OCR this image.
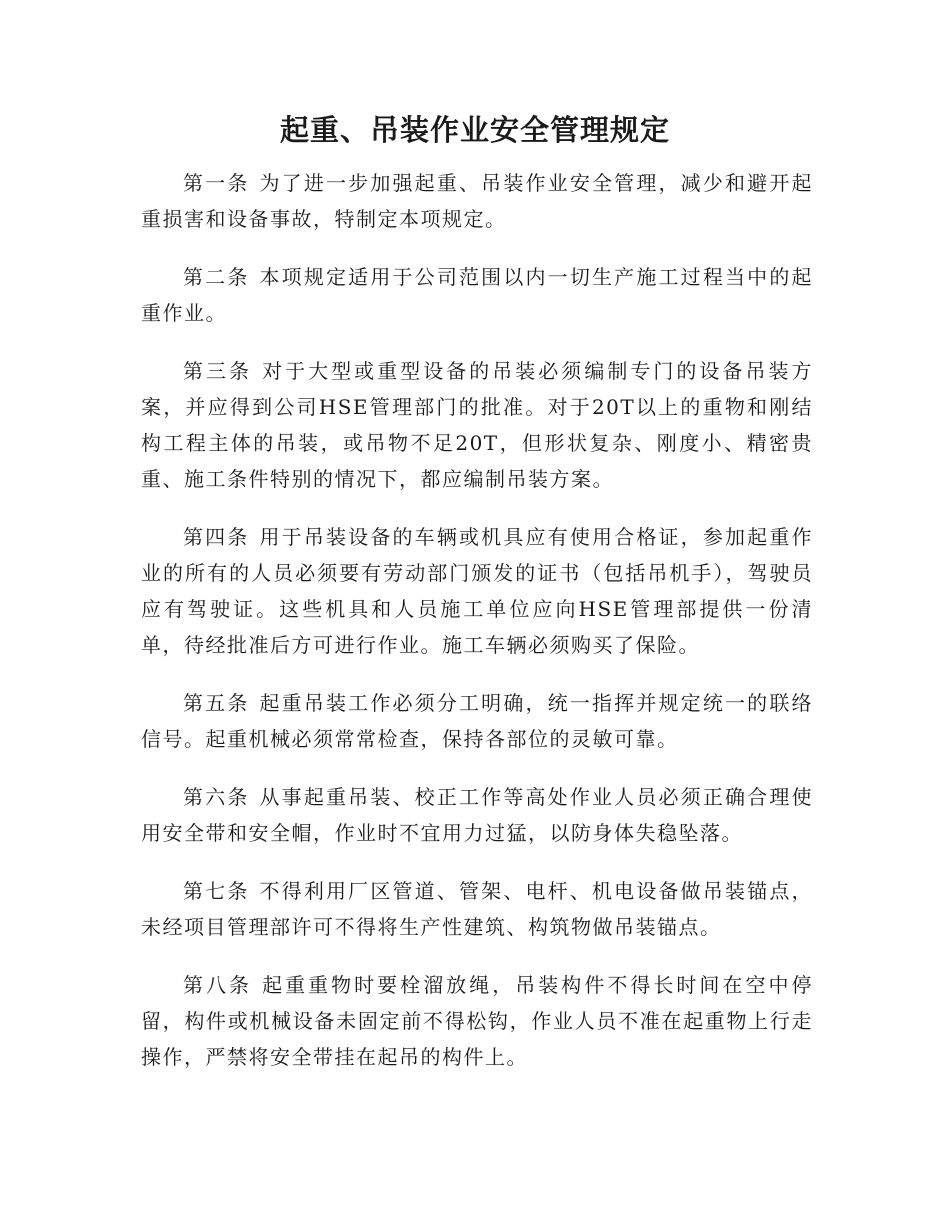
起重、吊装作业安全管理规定

第一条 为了进一步加强起重、吊装作业安全管理，减少和避开起重损害和设备事故，特制定本项规定。

第二条 本项规定适用于公司范围以内一切生产施工过程当中的起重作业。

第三条 对于大型或重型设备的吊装必须编制专门的设备吊装方案，并应得到公司HSE管理部门的批准。对于20T以上的重物和刚结构工程主体的吊装，或吊物不足20T，但形状复杂、刚度小、精密贵重、施工条件特别的情况下，都应编制吊装方案。

第四条 用于吊装设备的车辆或机具应有使用合格证，参加起重作业的所有的人员必须要有劳动部门颁发的证书（包括吊机手），驾驶员应有驾驶证。这些机具和人员施工单位应向HSE管理部提供一份清单，待经批准后方可进行作业。施工车辆必须购买了保险。

第五条 起重吊装工作必须分工明确，统一指挥并规定统一的联络信号。起重机械必须常常检查，保持各部位的灵敏可靠。

第六条 从事起重吊装、校正工作等高处作业人员必须正确合理使用安全带和安全帽，作业时不宜用力过猛，以防身体失稳坠落。

第七条 不得利用厂区管道、管架、电杆、机电设备做吊装锚点，未经项目管理部许可不得将生产性建筑、构筑物做吊装锚点。

第八条 起重重物时要栓溜放绳，吊装构件不得长时间在空中停留，构件或机械设备未固定前不得松钩，作业人员不准在起重物上行走操作，严禁将安全带挂在起吊的构件上。
